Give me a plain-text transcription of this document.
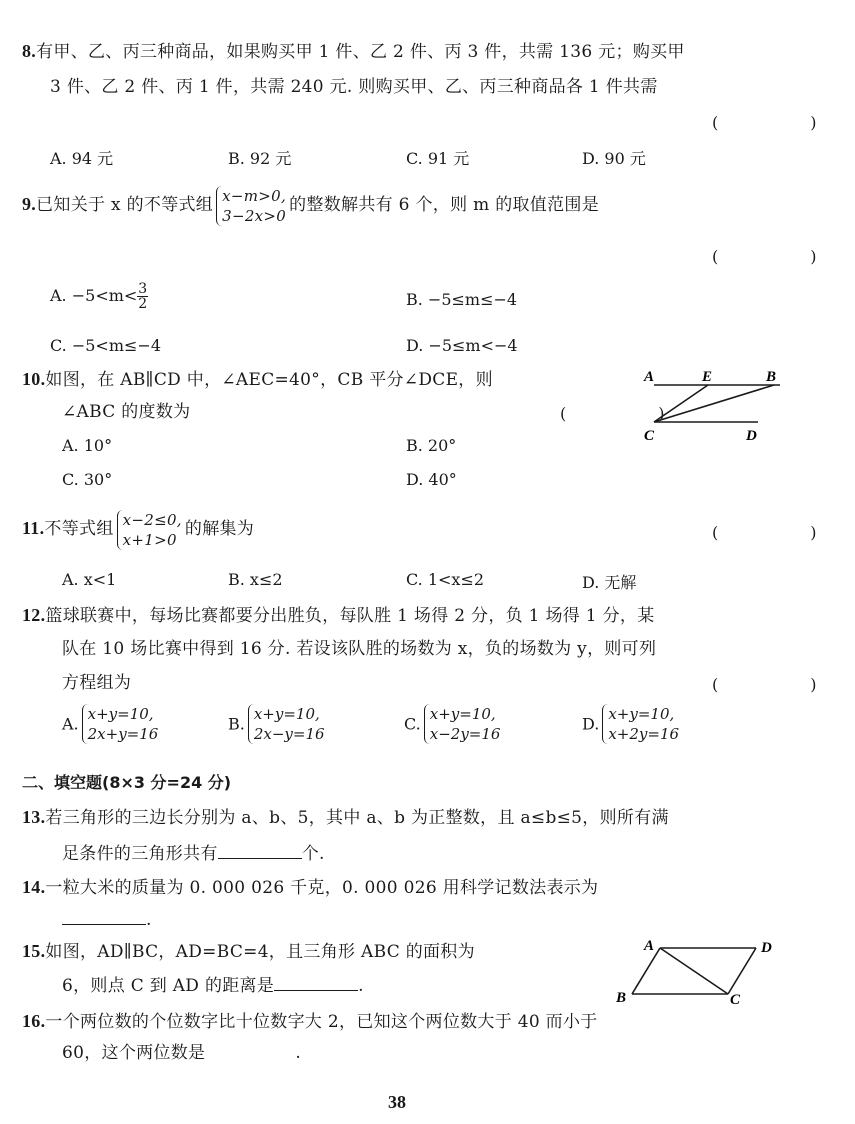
8.有甲、乙、丙三种商品，如果购买甲 1 件、乙 2 件、丙 3 件，共需 136 元；购买甲
3 件、乙 2 件、丙 1 件，共需 240 元. 则购买甲、乙、丙三种商品各 1 件共需
(　)
A. 94 元	B. 92 元	C. 91 元	D. 90 元
9.已知关于 x 的不等式组 x−m>0,
3−2x>0
的整数解共有 6 个，则 m 的取值范围是
(　)
A. $-5<m< \frac{3}{2}$	B. −5≤m≤−4
C. −5<m≤−4	D. −5≤m<−4
10.如图，在 AB∥CD 中，∠AEC=40°，CB 平分∠DCE，则
∠ABC 的度数为	(　)
A. 10°	B. 20°
C. 30°	D. 40°
A	E	B
C	D
11.不等式组 x−2≤0,
x+1>0
的解集为	(　)
A. x<1	B. x≤2	C. 1<x≤2	D. 无解
12.篮球联赛中，每场比赛都要分出胜负，每队胜 1 场得 2 分，负 1 场得 1 分，某
队在 10 场比赛中得到 16 分. 若设该队胜的场数为 x，负的场数为 y，则可列
方程组为	(　)
A.
x+y=10,
2x+y=16
B.
x+y=10,
2x−y=16
C.
x+y=10,
x−2y=16
D.
x+y=10,
x+2y=16
二、填空题(8×3 分=24 分)
13.若三角形的三边长分别为 a、b、5，其中 a、b 为正整数，且 a≤b≤5，则所有满
足条件的三角形共有	个.
14.一粒大米的质量为 0. 000 026 千克，0. 000 026 用科学记数法表示为
.
15.如图，AD∥BC，AD=BC=4，且三角形 ABC 的面积为
6，则点 C 到 AD 的距离是	.
A	D
B	C
16.一个两位数的个位数字比十位数字大 2，已知这个两位数大于 40 而小于
60，这个两位数是	.
38
